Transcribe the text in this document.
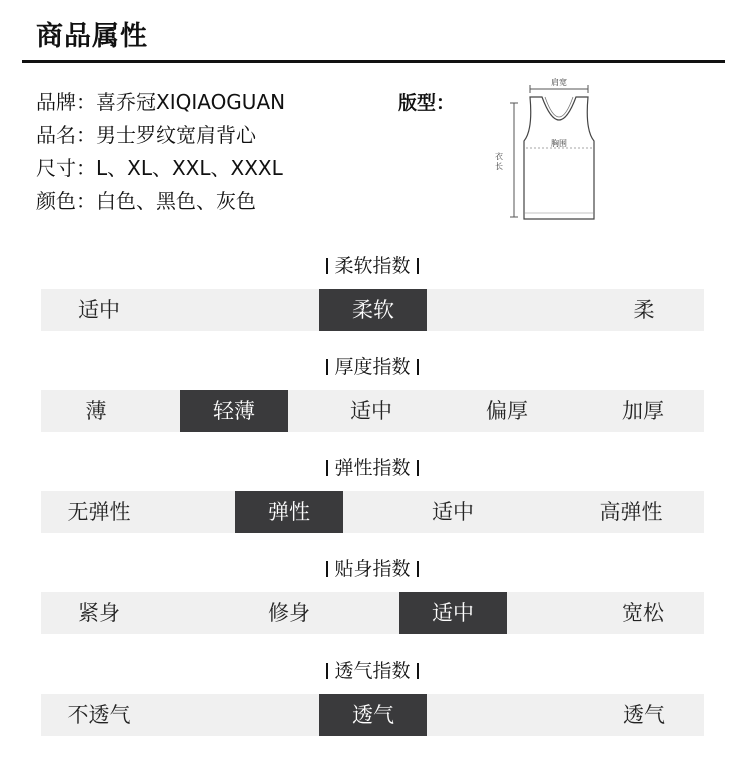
商品属性
品牌：喜乔冠XIQIAOGUAN
品名：男士罗纹宽肩背心
尺寸：L、XL、XXL、XXXL
颜色：白色、黑色、灰色
版型：
肩宽
胸围
衣
长
柔软指数
适中	柔软	柔
厚度指数
薄	轻薄	适中	偏厚	加厚
弹性指数
无弹性	弹性	适中	高弹性
贴身指数
紧身	修身	适中	宽松
透气指数
不透气	透气	透气
